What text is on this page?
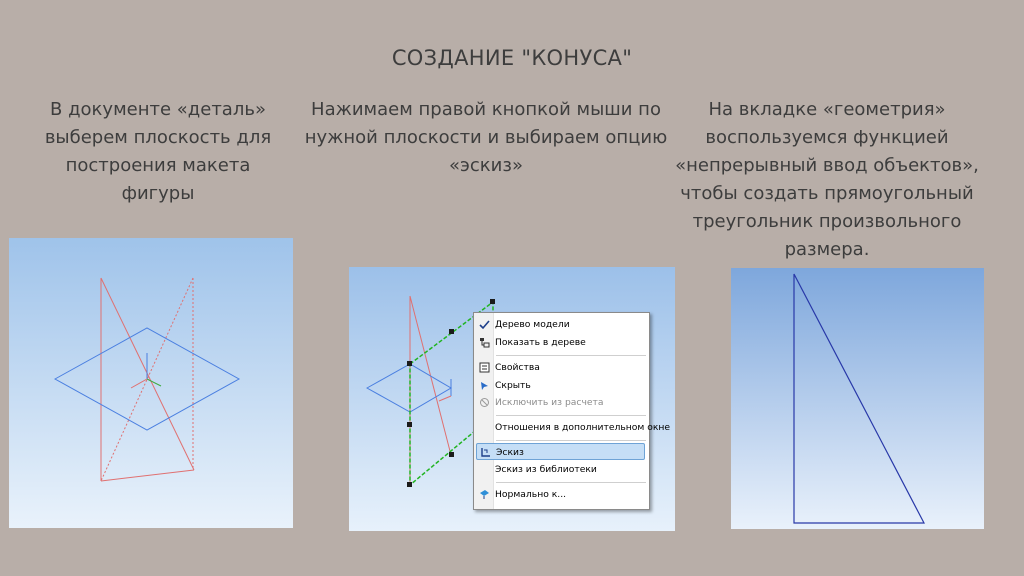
СОЗДАНИЕ "КОНУСА"
В документе «деталь» выберем плоскость для построения макета фигуры
Нажимаем правой кнопкой мыши по нужной плоскости и выбираем опцию «эскиз»
На вкладке «геометрия» воспользуемся функцией «непрерывный ввод объектов», чтобы создать прямоугольный треугольник произвольного размера.
Дерево модели
Показать в дереве
Свойства
Скрыть
Исключить из расчета
Отношения в дополнительном окне
Эскиз
Эскиз из библиотеки
Нормально к...
